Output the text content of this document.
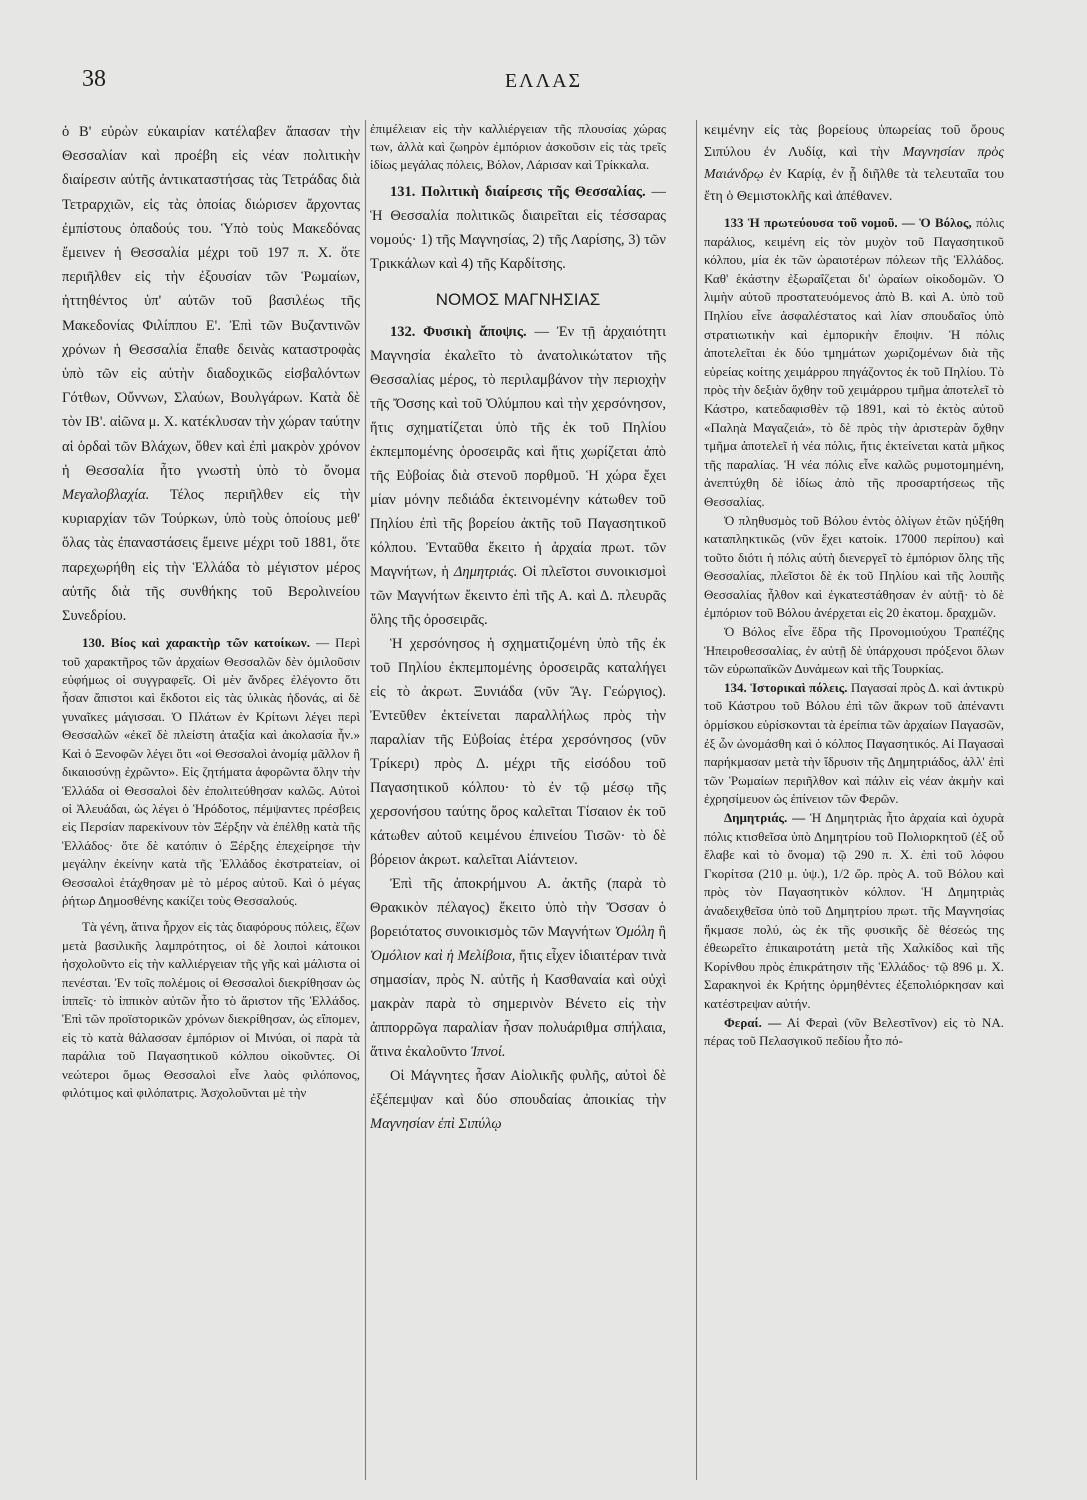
38	ΕΛΛΑΣ

ὁ Β' εὐρὼν εὐκαιρίαν κατέλαβεν ἅπασαν τὴν Θεσσαλίαν καὶ προέβη εἰς νέαν πολιτικὴν διαίρεσιν αὐτῆς ἀντικαταστήσας τὰς Τετράδας διὰ Τετραρχιῶν, εἰς τὰς ὁποίας διώρισεν ἄρχοντας ἐμπίστους ὀπαδούς του. Ὑπὸ τοὺς Μακεδόνας ἔμεινεν ἡ Θεσσαλία μέχρι τοῦ 197 π. Χ. ὅτε περιῆλθεν εἰς τὴν ἐξουσίαν τῶν Ῥωμαίων, ἡττηθέντος ὑπ' αὐτῶν τοῦ βασιλέως τῆς Μακεδονίας Φιλίππου Ε'. Ἐπὶ τῶν Βυζαντινῶν χρόνων ἡ Θεσσαλία ἔπαθε δεινὰς καταστροφὰς ὑπὸ τῶν εἰς αὐτὴν διαδοχικῶς εἰσβαλόντων Γότθων, Οὔννων, Σλαύων, Βουλγάρων. Κατὰ δὲ τὸν ΙΒ'. αἰῶνα μ. Χ. κατέκλυσαν τὴν χώραν ταύτην αἱ ὁρδαὶ τῶν Βλάχων, ὅθεν καὶ ἐπὶ μακρὸν χρόνον ἡ Θεσσαλία ἦτο γνωστὴ ὑπὸ τὸ ὄνομα Μεγαλοβλαχία. Τέλος περιῆλθεν εἰς τὴν κυριαρχίαν τῶν Τούρκων, ὑπὸ τοὺς ὁποίους μεθ' ὅλας τὰς ἐπαναστάσεις ἔμεινε μέχρι τοῦ 1881, ὅτε παρεχωρήθη εἰς τὴν Ἑλλάδα τὸ μέγιστον μέρος αὐτῆς διὰ τῆς συνθήκης τοῦ Βερολινείου Συνεδρίου.

130. Βίος καὶ χαρακτὴρ τῶν κατοίκων. — Περὶ τοῦ χαρακτῆρος τῶν ἀρχαίων Θεσσαλῶν δὲν ὁμιλοῦσιν εὐφήμως οἱ συγγραφεῖς. Οἱ μὲν ἄνδρες ἐλέγοντο ὅτι ἦσαν ἄπιστοι καὶ ἔκδοτοι εἰς τὰς ὑλικὰς ἡδονάς, αἱ δὲ γυναῖκες μάγισσαι. Ὁ Πλάτων ἐν Κρίτωνι λέγει περὶ Θεσσαλῶν «ἐκεῖ δὲ πλείστη ἀταξία καὶ ἀκολασία ἦν.» Καὶ ὁ Ξενοφῶν λέγει ὅτι «οἱ Θεσσαλοὶ ἀνομίᾳ μᾶλλον ἢ δικαιοσύνῃ ἐχρῶντο». Εἰς ζητήματα ἀφορῶντα ὅλην τὴν Ἑλλάδα οἱ Θεσσαλοὶ δὲν ἐπολιτεύθησαν καλῶς. Αὐτοὶ οἱ Ἀλευάδαι, ὡς λέγει ὁ Ἡρόδοτος, πέμψαντες πρέσβεις εἰς Περσίαν παρεκίνουν τὸν Ξέρξην νὰ ἐπέλθῃ κατὰ τῆς Ἑλλάδος· ὅτε δὲ κατόπιν ὁ Ξέρξης ἐπεχείρησε τὴν μεγάλην ἐκείνην κατὰ τῆς Ἑλλάδος ἐκστρατείαν, οἱ Θεσσαλοὶ ἐτάχθησαν μὲ τὸ μέρος αὐτοῦ. Καὶ ὁ μέγας ῥήτωρ Δημοσθένης κακίζει τοὺς Θεσσαλούς.

Τὰ γένη, ἅτινα ἦρχον εἰς τὰς διαφόρους πόλεις, ἔζων μετὰ βασιλικῆς λαμπρότητος, οἱ δὲ λοιποὶ κάτοικοι ἠσχολοῦντο εἰς τὴν καλλιέργειαν τῆς γῆς καὶ μάλιστα οἱ πενέσται. Ἐν τοῖς πολέμοις οἱ Θεσσαλοὶ διεκρίθησαν ὡς ἱππεῖς· τὸ ἱππικὸν αὐτῶν ἦτο τὸ ἄριστον τῆς Ἑλλάδος. Ἐπὶ τῶν προϊστορικῶν χρόνων διεκρίθησαν, ὡς εἴπομεν, εἰς τὸ κατὰ θάλασσαν ἐμπόριον οἱ Μινύαι, οἱ παρὰ τὰ παράλια τοῦ Παγασητικοῦ κόλπου οἰκοῦντες. Οἱ νεώτεροι ὅμως Θεσσαλοὶ εἶνε λαὸς φιλόπονος, φιλότιμος καὶ φιλόπατρις. Ἀσχολοῦνται μὲ τὴν

ἐπιμέλειαν εἰς τὴν καλλιέργειαν τῆς πλουσίας χώρας των, ἀλλὰ καὶ ζωηρὸν ἐμπόριον ἀσκοῦσιν εἰς τὰς τρεῖς ἰδίως μεγάλας πόλεις, Βόλον, Λάρισαν καὶ Τρίκκαλα.

131. Πολιτικὴ διαίρεσις τῆς Θεσσαλίας. — Ἡ Θεσσαλία πολιτικῶς διαιρεῖται εἰς τέσσαρας νομούς· 1) τῆς Μαγνησίας, 2) τῆς Λαρίσης, 3) τῶν Τρικκάλων καὶ 4) τῆς Καρδίτσης.

ΝΟΜΟΣ ΜΑΓΝΗΣΙΑΣ

132. Φυσικὴ ἄποψις. — Ἐν τῇ ἀρχαιότητι Μαγνησία ἐκαλεῖτο τὸ ἀνατολικώτατον τῆς Θεσσαλίας μέρος, τὸ περιλαμβάνον τὴν περιοχὴν τῆς Ὄσσης καὶ τοῦ Ὀλύμπου καὶ τὴν χερσόνησον, ἥτις σχηματίζεται ὑπὸ τῆς ἐκ τοῦ Πηλίου ἐκπεμπομένης ὀροσειρᾶς καὶ ἥτις χωρίζεται ἀπὸ τῆς Εὐβοίας διὰ στενοῦ πορθμοῦ. Ἡ χώρα ἔχει μίαν μόνην πεδιάδα ἐκτεινομένην κάτωθεν τοῦ Πηλίου ἐπὶ τῆς βορείου ἀκτῆς τοῦ Παγασητικοῦ κόλπου. Ἐνταῦθα ἔκειτο ἡ ἀρχαία πρωτ. τῶν Μαγνήτων, ἡ Δημητριάς. Οἱ πλεῖστοι συνοικισμοὶ τῶν Μαγνήτων ἔκειντο ἐπὶ τῆς Α. καὶ Δ. πλευρᾶς ὅλης τῆς ὀροσειρᾶς.

Ἡ χερσόνησος ἡ σχηματιζομένη ὑπὸ τῆς ἐκ τοῦ Πηλίου ἐκπεμπομένης ὀροσειρᾶς καταλήγει εἰς τὸ ἀκρωτ. Ξυνιάδα (νῦν Ἅγ. Γεώργιος). Ἐντεῦθεν ἐκτείνεται παραλλήλως πρὸς τὴν παραλίαν τῆς Εὐβοίας ἑτέρα χερσόνησος (νῦν Τρίκερι) πρὸς Δ. μέχρι τῆς εἰσόδου τοῦ Παγασητικοῦ κόλπου· τὸ ἐν τῷ μέσῳ τῆς χερσονήσου ταύτης ὄρος καλεῖται Τίσαιον ἐκ τοῦ κάτωθεν αὐτοῦ κειμένου ἐπινείου Τισῶν· τὸ δὲ βόρειον ἀκρωτ. καλεῖται Αἰάντειον.

Ἐπὶ τῆς ἀποκρήμνου Α. ἀκτῆς (παρὰ τὸ Θρακικὸν πέλαγος) ἔκειτο ὑπὸ τὴν Ὄσσαν ὁ βορειότατος συνοικισμὸς τῶν Μαγνήτων Ὀμόλη ἢ Ὁμόλιον καὶ ἡ Μελίβοια, ἥτις εἶχεν ἰδιαιτέραν τινὰ σημασίαν, πρὸς Ν. αὐτῆς ἡ Κασθαναία καὶ οὐχὶ μακρὰν παρὰ τὸ σημερινὸν Βένετο εἰς τὴν ἀππορρῶγα παραλίαν ἦσαν πολυάριθμα σπήλαια, ἅτινα ἐκαλοῦντο Ἰπνοί.

Οἱ Μάγνητες ἦσαν Αἰολικῆς φυλῆς, αὐτοὶ δὲ ἐξέπεμψαν καὶ δύο σπουδαίας ἀποικίας τὴν Μαγνησίαν ἐπὶ Σιπύλῳ

κειμένην εἰς τὰς βορείους ὑπωρείας τοῦ ὄρους Σιπύλου ἐν Λυδίᾳ, καὶ τὴν Μαγνησίαν πρὸς Μαιάνδρῳ ἐν Καρίᾳ, ἐν ᾗ διῆλθε τὰ τελευταῖα του ἔτη ὁ Θεμιστοκλῆς καὶ ἀπέθανεν.

133 Ἡ πρωτεύουσα τοῦ νομοῦ. — Ὁ Βόλος, πόλις παράλιος, κειμένη εἰς τὸν μυχὸν τοῦ Παγασητικοῦ κόλπου, μία ἐκ τῶν ὡραιοτέρων πόλεων τῆς Ἑλλάδος. Καθ' ἑκάστην ἐξωραΐζεται δι' ὡραίων οἰκοδομῶν. Ὁ λιμὴν αὐτοῦ προστατευόμενος ἀπὸ Β. καὶ Α. ὑπὸ τοῦ Πηλίου εἶνε ἀσφαλέστατος καὶ λίαν σπουδαῖος ὑπὸ στρατιωτικὴν καὶ ἐμπορικὴν ἔποψιν. Ἡ πόλις ἀποτελεῖται ἐκ δύο τμημάτων χωριζομένων διὰ τῆς εὐρείας κοίτης χειμάρρου πηγάζοντος ἐκ τοῦ Πηλίου. Τὸ πρὸς τὴν δεξιὰν ὄχθην τοῦ χειμάρρου τμῆμα ἀποτελεῖ τὸ Κάστρο, κατεδαφισθὲν τῷ 1891, καὶ τὸ ἐκτὸς αὐτοῦ «Παληὰ Μαγαζειά», τὸ δὲ πρὸς τὴν ἀριστερὰν ὄχθην τμῆμα ἀποτελεῖ ἡ νέα πόλις, ἥτις ἐκτείνεται κατὰ μῆκος τῆς παραλίας. Ἡ νέα πόλις εἶνε καλῶς ρυμοτομημένη, ἀνεπτύχθη δὲ ἰδίως ἀπὸ τῆς προσαρτήσεως τῆς Θεσσαλίας.

Ὁ πληθυσμὸς τοῦ Βόλου ἐντὸς ὀλίγων ἐτῶν ηὐξήθη καταπληκτικῶς (νῦν ἔχει κατοίκ. 17000 περίπου) καὶ τοῦτο διότι ἡ πόλις αὐτὴ διενεργεῖ τὸ ἐμπόριον ὅλης τῆς Θεσσαλίας, πλεῖστοι δὲ ἐκ τοῦ Πηλίου καὶ τῆς λοιπῆς Θεσσαλίας ἦλθον καὶ ἐγκατεστάθησαν ἐν αὐτῇ· τὸ δὲ ἐμπόριον τοῦ Βόλου ἀνέρχεται εἰς 20 ἑκατομ. δραχμῶν.

Ὁ Βόλος εἶνε ἕδρα τῆς Προνομιούχου Τραπέζης Ἠπειροθεσσαλίας, ἐν αὐτῇ δὲ ὑπάρχουσι πρόξενοι ὅλων τῶν εὐρωπαϊκῶν Δυνάμεων καὶ τῆς Τουρκίας.

134. Ἱστορικαὶ πόλεις. Παγασαί πρὸς Δ. καὶ ἀντικρὺ τοῦ Κάστρου τοῦ Βόλου ἐπὶ τῶν ἄκρων τοῦ ἀπέναντι ὁρμίσκου εὑρίσκονται τὰ ἐρείπια τῶν ἀρχαίων Παγασῶν, ἐξ ὧν ὠνομάσθη καὶ ὁ κόλπος Παγασητικός. Αἱ Παγασαὶ παρήκμασαν μετὰ τὴν ἵδρυσιν τῆς Δημητριάδος, ἀλλ' ἐπὶ τῶν Ῥωμαίων περιῆλθον καὶ πάλιν εἰς νέαν ἀκμὴν καὶ ἐχρησίμευον ὡς ἐπίνειον τῶν Φερῶν.

Δημητριάς. — Ἡ Δημητριὰς ἦτο ἀρχαία καὶ ὀχυρὰ πόλις κτισθεῖσα ὑπὸ Δημητρίου τοῦ Πολιορκητοῦ (ἐξ οὗ ἔλαβε καὶ τὸ ὄνομα) τῷ 290 π. Χ. ἐπὶ τοῦ λόφου Γκορίτσα (210 μ. ὑψ.), 1/2 ὥρ. πρὸς Α. τοῦ Βόλου καὶ πρὸς τὸν Παγασητικὸν κόλπον. Ἡ Δημητριὰς ἀναδειχθεῖσα ὑπὸ τοῦ Δημητρίου πρωτ. τῆς Μαγνησίας ἤκμασε πολύ, ὡς ἐκ τῆς φυσικῆς δὲ θέσεώς της ἐθεωρεῖτο ἐπικαιροτάτη μετὰ τῆς Χαλκίδος καὶ τῆς Κορίνθου πρὸς ἐπικράτησιν τῆς Ἑλλάδος· τῷ 896 μ. Χ. Σαρακηνοὶ ἐκ Κρήτης ὁρμηθέντες ἐξεπολιόρκησαν καὶ κατέστρεψαν αὐτήν.

Φεραί. — Αἱ Φεραὶ (νῦν Βελεστῖνον) εἰς τὸ ΝΑ. πέρας τοῦ Πελασγικοῦ πεδίου ἦτο πό-
